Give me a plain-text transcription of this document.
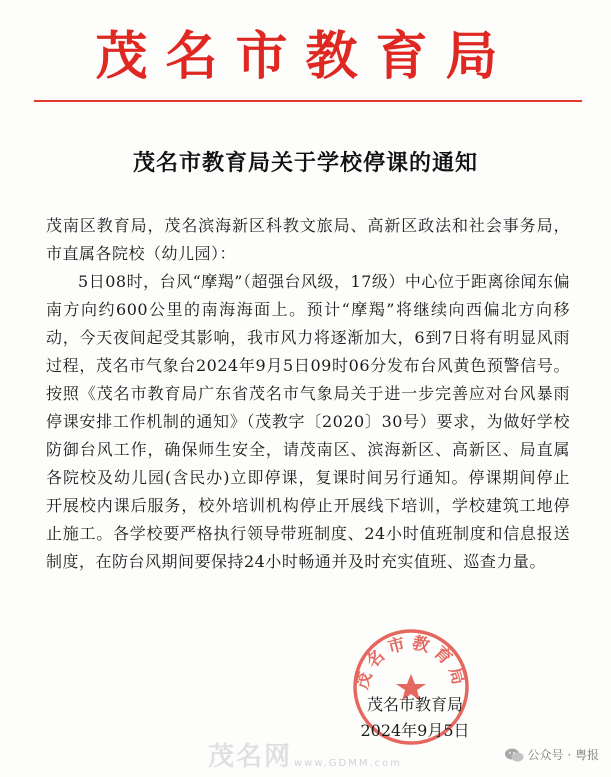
茂名市教育局
茂名市教育局关于学校停课的通知
茂南区教育局，茂名滨海新区科教文旅局、高新区政法和社会事务局，市直属各院校（幼儿园）：
5日08时，台风“摩羯”（超强台风级，17级）中心位于距离徐闻东偏南方向约600公里的南海海面上。预计“摩羯”将继续向西偏北方向移动，今天夜间起受其影响，我市风力将逐渐加大，6到7日将有明显风雨过程，茂名市气象台2024年9月5日09时06分发布台风黄色预警信号。按照《茂名市教育局广东省茂名市气象局关于进一步完善应对台风暴雨停课安排工作机制的通知》（茂教字〔2020〕30号）要求，为做好学校防御台风工作，确保师生安全，请茂南区、滨海新区、高新区、局直属各院校及幼儿园(含民办)立即停课，复课时间另行通知。停课期间停止开展校内课后服务，校外培训机构停止开展线下培训，学校建筑工地停止施工。各学校要严格执行领导带班制度、24小时值班制度和信息报送制度，在防台风期间要保持24小时畅通并及时充实值班、巡查力量。
茂名市教育局
茂名市教育局
2024年9月5日
茂名网 www.GDMM.com
公众号 · 粤报
